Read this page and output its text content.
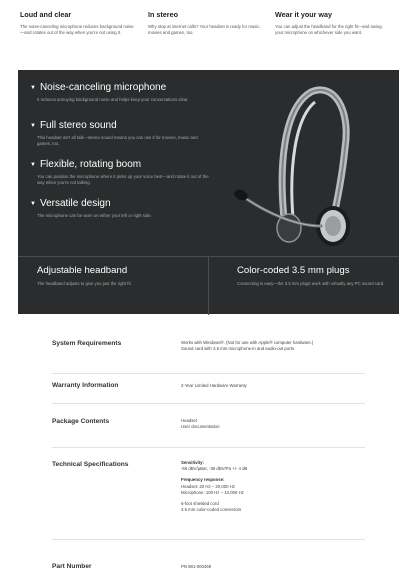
Loud and clear

The noise-canceling microphone reduces background noise—and rotates out of the way when you're not using it.

In stereo

Why stop at internet calls? Your headset is ready for music, movies and games, too.

Wear it your way

You can adjust the headband for the right fit—and swing your microphone on whichever side you want.

▼ Noise-canceling microphone

It reduces annoying background noise and helps keep your conversations clear.

▼ Full stereo sound

This headset isn't all talk—stereo sound means you can use it for movies, music and games, too.

▼ Flexible, rotating boom

You can position the microphone where it picks up your voice best—and rotate it out of the way when you're not talking.

▼ Versatile design

The microphone can be worn on either your left or right side.

Adjustable headband

The headband adjusts to give you just the right fit.

Color-coded 3.5 mm plugs

Connecting is easy—the 3.5 mm plugs work with virtually any PC sound card.

System Requirements	Works with Windows®. (Not for use with Apple® computer hardware.)
Sound card with 3.5 mm microphone-in and audio-out ports
Warranty Information	2-Year Limited Hardware Warranty
Package Contents	Headset
User documentation
Technical Specifications	Sensitivity:
-56 dBV/µBar, -36 dBV/Pa +/- 4 dB
Frequency response:
Headset: 20 Hz – 20,000 Hz
Microphone: 100 Hz – 10,000 Hz
6-foot shielded cord
3.5 mm color-coded connectors
Part Number	PN 981-000459
